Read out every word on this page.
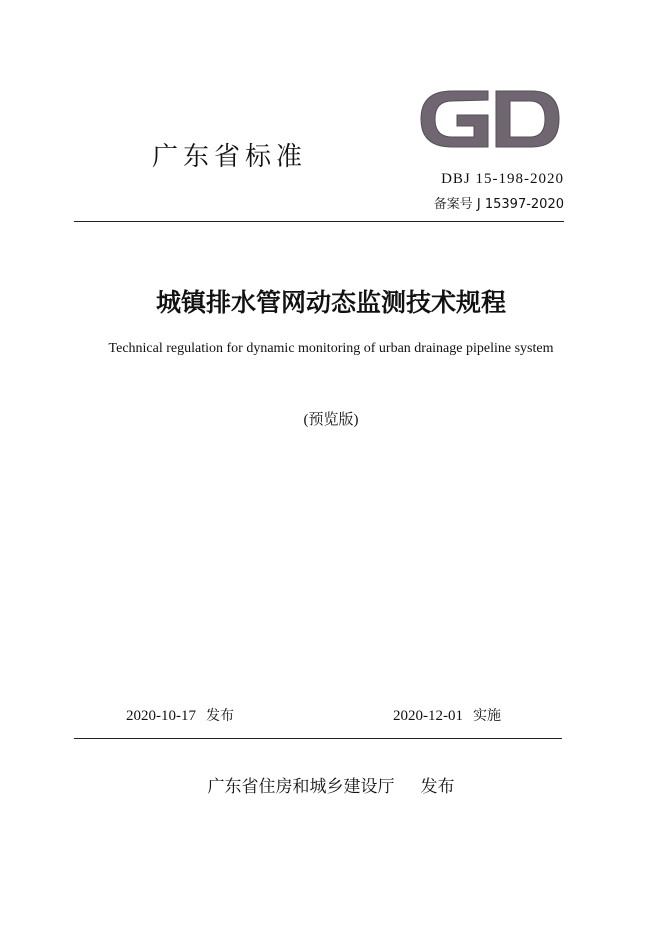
广东省标准
DBJ 15-198-2020
备案号 J 15397-2020
城镇排水管网动态监测技术规程
Technical regulation for dynamic monitoring of urban drainage pipeline system
(预览版)
2020-10-17 发布	2020-12-01 实施
广东省住房和城乡建设厅 发布
